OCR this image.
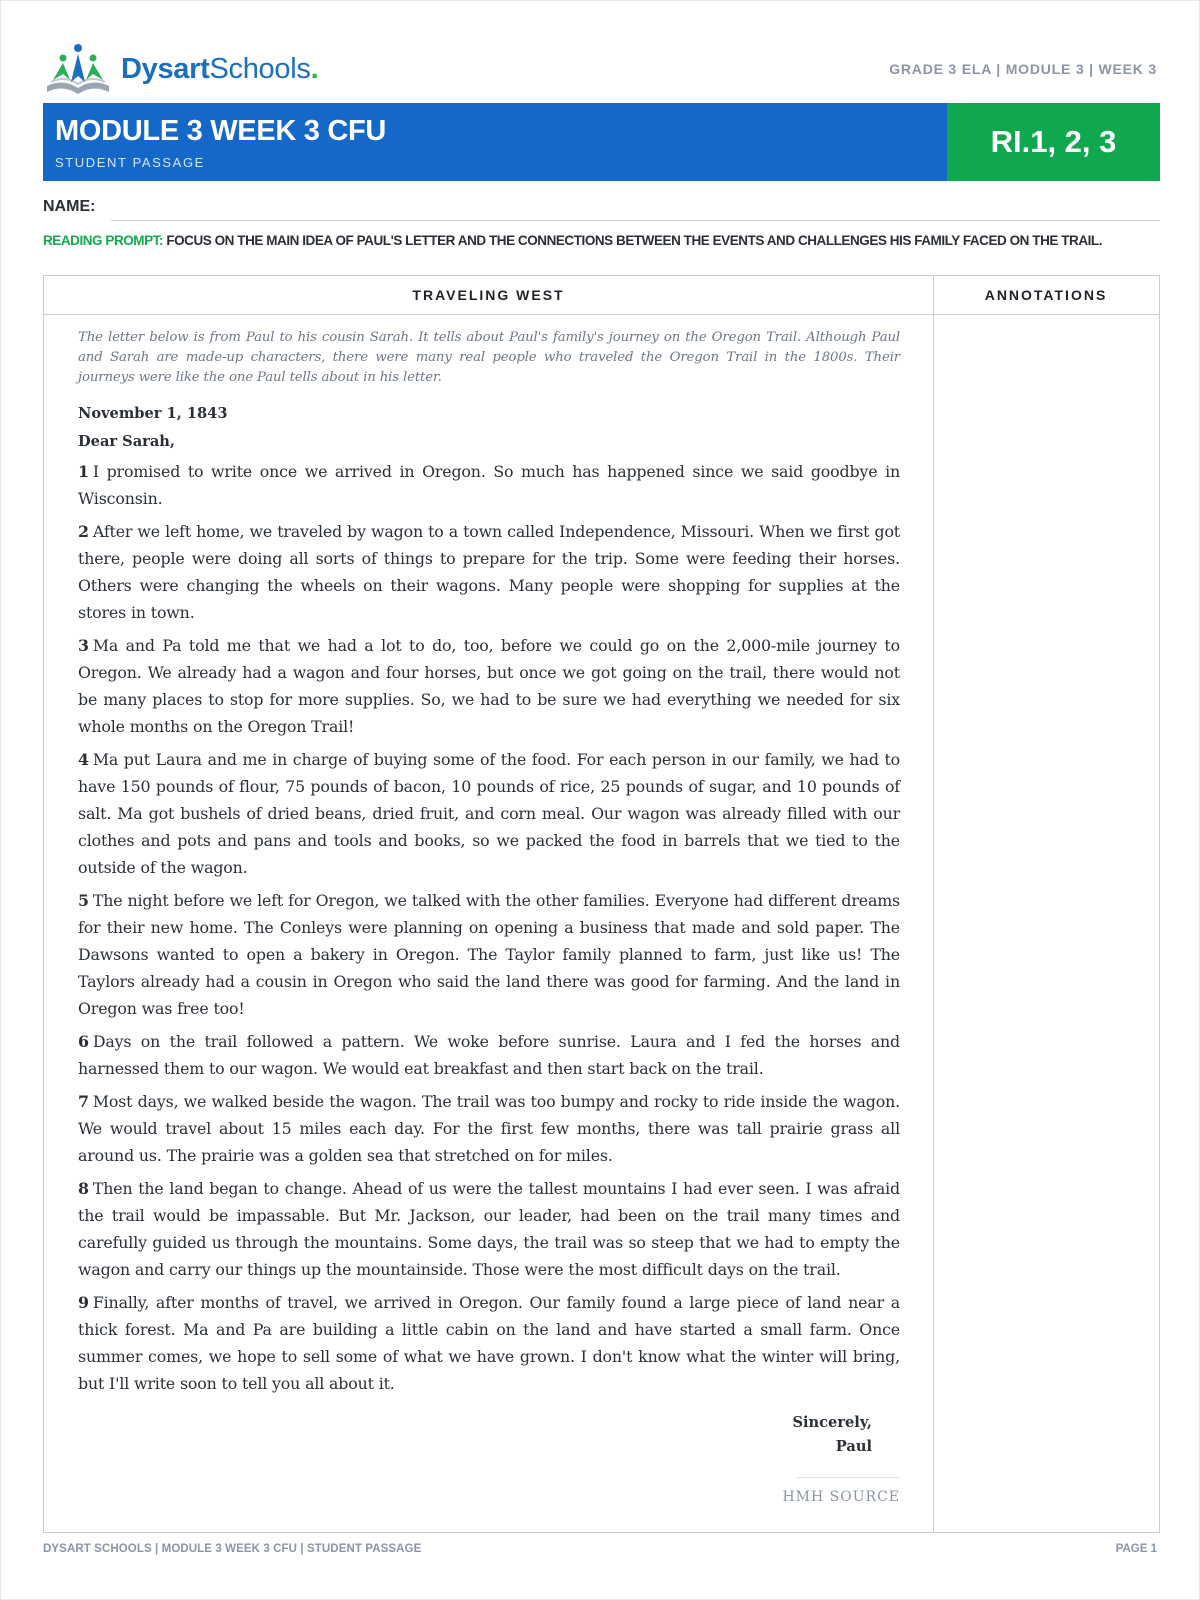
DysartSchools.	GRADE 3 ELA | MODULE 3 | WEEK 3
MODULE 3 WEEK 3 CFU
STUDENT PASSAGE
RI.1, 2, 3
NAME:
READING PROMPT: FOCUS ON THE MAIN IDEA OF PAUL'S LETTER AND THE CONNECTIONS BETWEEN THE EVENTS AND CHALLENGES HIS FAMILY FACED ON THE TRAIL.
TRAVELING WEST	ANNOTATIONS

The letter below is from Paul to his cousin Sarah. It tells about Paul's family's journey on the Oregon Trail. Although Paul and Sarah are made-up characters, there were many real people who traveled the Oregon Trail in the 1800s. Their journeys were like the one Paul tells about in his letter.

November 1, 1843

Dear Sarah,

1 I promised to write once we arrived in Oregon. So much has happened since we said goodbye in Wisconsin.

2 After we left home, we traveled by wagon to a town called Independence, Missouri. When we first got there, people were doing all sorts of things to prepare for the trip. Some were feeding their horses. Others were changing the wheels on their wagons. Many people were shopping for supplies at the stores in town.

3 Ma and Pa told me that we had a lot to do, too, before we could go on the 2,000-mile journey to Oregon. We already had a wagon and four horses, but once we got going on the trail, there would not be many places to stop for more supplies. So, we had to be sure we had everything we needed for six whole months on the Oregon Trail!

4 Ma put Laura and me in charge of buying some of the food. For each person in our family, we had to have 150 pounds of flour, 75 pounds of bacon, 10 pounds of rice, 25 pounds of sugar, and 10 pounds of salt. Ma got bushels of dried beans, dried fruit, and corn meal. Our wagon was already filled with our clothes and pots and pans and tools and books, so we packed the food in barrels that we tied to the outside of the wagon.

5 The night before we left for Oregon, we talked with the other families. Everyone had different dreams for their new home. The Conleys were planning on opening a business that made and sold paper. The Dawsons wanted to open a bakery in Oregon. The Taylor family planned to farm, just like us! The Taylors already had a cousin in Oregon who said the land there was good for farming. And the land in Oregon was free too!

6 Days on the trail followed a pattern. We woke before sunrise. Laura and I fed the horses and harnessed them to our wagon. We would eat breakfast and then start back on the trail.

7 Most days, we walked beside the wagon. The trail was too bumpy and rocky to ride inside the wagon. We would travel about 15 miles each day. For the first few months, there was tall prairie grass all around us. The prairie was a golden sea that stretched on for miles.

8 Then the land began to change. Ahead of us were the tallest mountains I had ever seen. I was afraid the trail would be impassable. But Mr. Jackson, our leader, had been on the trail many times and carefully guided us through the mountains. Some days, the trail was so steep that we had to empty the wagon and carry our things up the mountainside. Those were the most difficult days on the trail.

9 Finally, after months of travel, we arrived in Oregon. Our family found a large piece of land near a thick forest. Ma and Pa are building a little cabin on the land and have started a small farm. Once summer comes, we hope to sell some of what we have grown. I don't know what the winter will bring, but I'll write soon to tell you all about it.

Sincerely,
Paul
HMH SOURCE
DYSART SCHOOLS | MODULE 3 WEEK 3 CFU | STUDENT PASSAGE	PAGE 1
